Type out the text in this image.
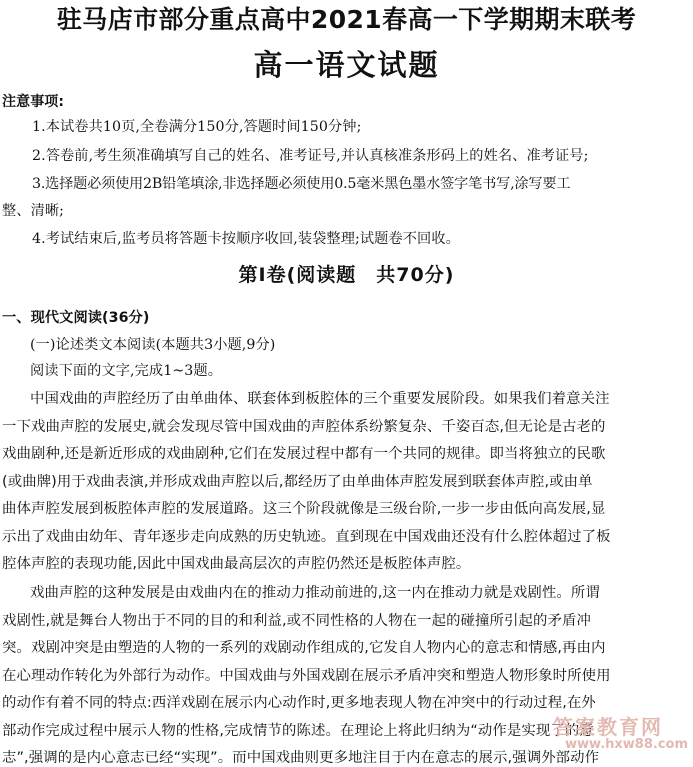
驻马店市部分重点高中2021春高一下学期期末联考
高一语文试题
注意事项:
1.本试卷共10页,全卷满分150分,答题时间150分钟;
2.答卷前,考生须准确填写自己的姓名、准考证号,并认真核准条形码上的姓名、准考证号;
3.选择题必须使用2B铅笔填涂,非选择题必须使用0.5毫米黑色墨水签字笔书写,涂写要工
整、清晰;
4.考试结束后,监考员将答题卡按顺序收回,装袋整理;试题卷不回收。
第Ⅰ卷(阅读题　共70分)
一、现代文阅读(36分)
(一)论述类文本阅读(本题共3小题,9分)
阅读下面的文字,完成1~3题。
中国戏曲的声腔经历了由单曲体、联套体到板腔体的三个重要发展阶段。如果我们着意关注
一下戏曲声腔的发展史,就会发现尽管中国戏曲的声腔体系纷繁复杂、千姿百态,但无论是古老的
戏曲剧种,还是新近形成的戏曲剧种,它们在发展过程中都有一个共同的规律。即当将独立的民歌
(或曲牌)用于戏曲表演,并形成戏曲声腔以后,都经历了由单曲体声腔发展到联套体声腔,或由单
曲体声腔发展到板腔体声腔的发展道路。这三个阶段就像是三级台阶,一步一步由低向高发展,显
示出了戏曲由幼年、青年逐步走向成熟的历史轨迹。直到现在中国戏曲还没有什么腔体超过了板
腔体声腔的表现功能,因此中国戏曲最高层次的声腔仍然还是板腔体声腔。
戏曲声腔的这种发展是由戏曲内在的推动力推动前进的,这一内在推动力就是戏剧性。所谓
戏剧性,就是舞台人物出于不同的目的和利益,或不同性格的人物在一起的碰撞所引起的矛盾冲
突。戏剧冲突是由塑造的人物的一系列的戏剧动作组成的,它发自人物内心的意志和情感,再由内
在心理动作转化为外部行为动作。中国戏曲与外国戏剧在展示矛盾冲突和塑造人物形象时所使用
的动作有着不同的特点:西洋戏剧在展示内心动作时,更多地表现人物在冲突中的行动过程,在外
部动作完成过程中展示人物的性格,完成情节的陈述。在理论上将此归纳为“动作是实现了的意
志”,强调的是内心意志已经“实现”。而中国戏曲则更多地注目于内在意志的展示,强调外部动作
答案教育网
www.hxw88.com
